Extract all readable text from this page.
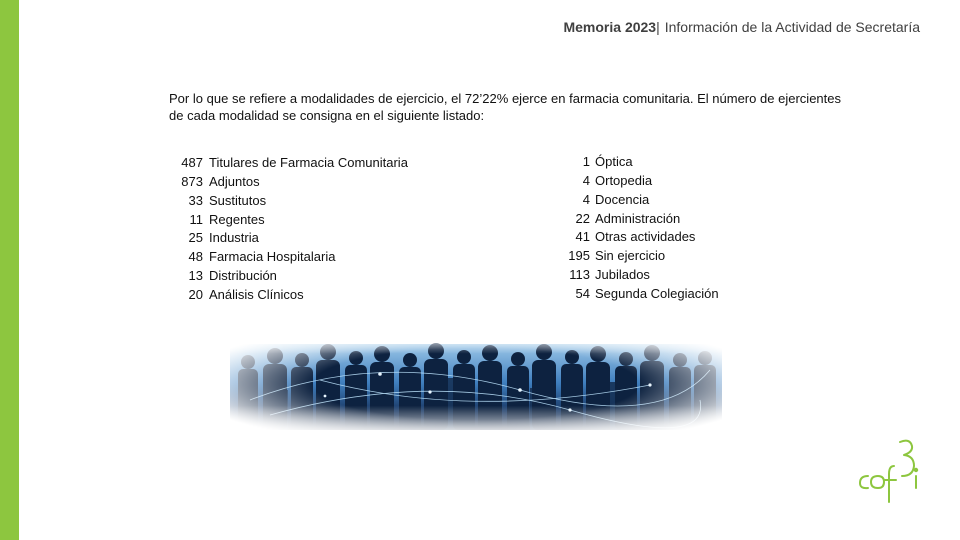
Memoria 2023| Información de la Actividad de Secretaría

Por lo que se refiere a modalidades de ejercicio, el 72’22% ejerce en farmacia comunitaria. El número de ejercientes de cada modalidad se consigna en el siguiente listado:

487 Titulares de Farmacia Comunitaria
873 Adjuntos
33 Sustitutos
11 Regentes
25 Industria
48 Farmacia Hospitalaria
13 Distribución
20 Análisis Clínicos
1 Óptica
4 Ortopedia
4 Docencia
22 Administración
41 Otras actividades
195 Sin ejercicio
113 Jubilados
54 Segunda Colegiación
